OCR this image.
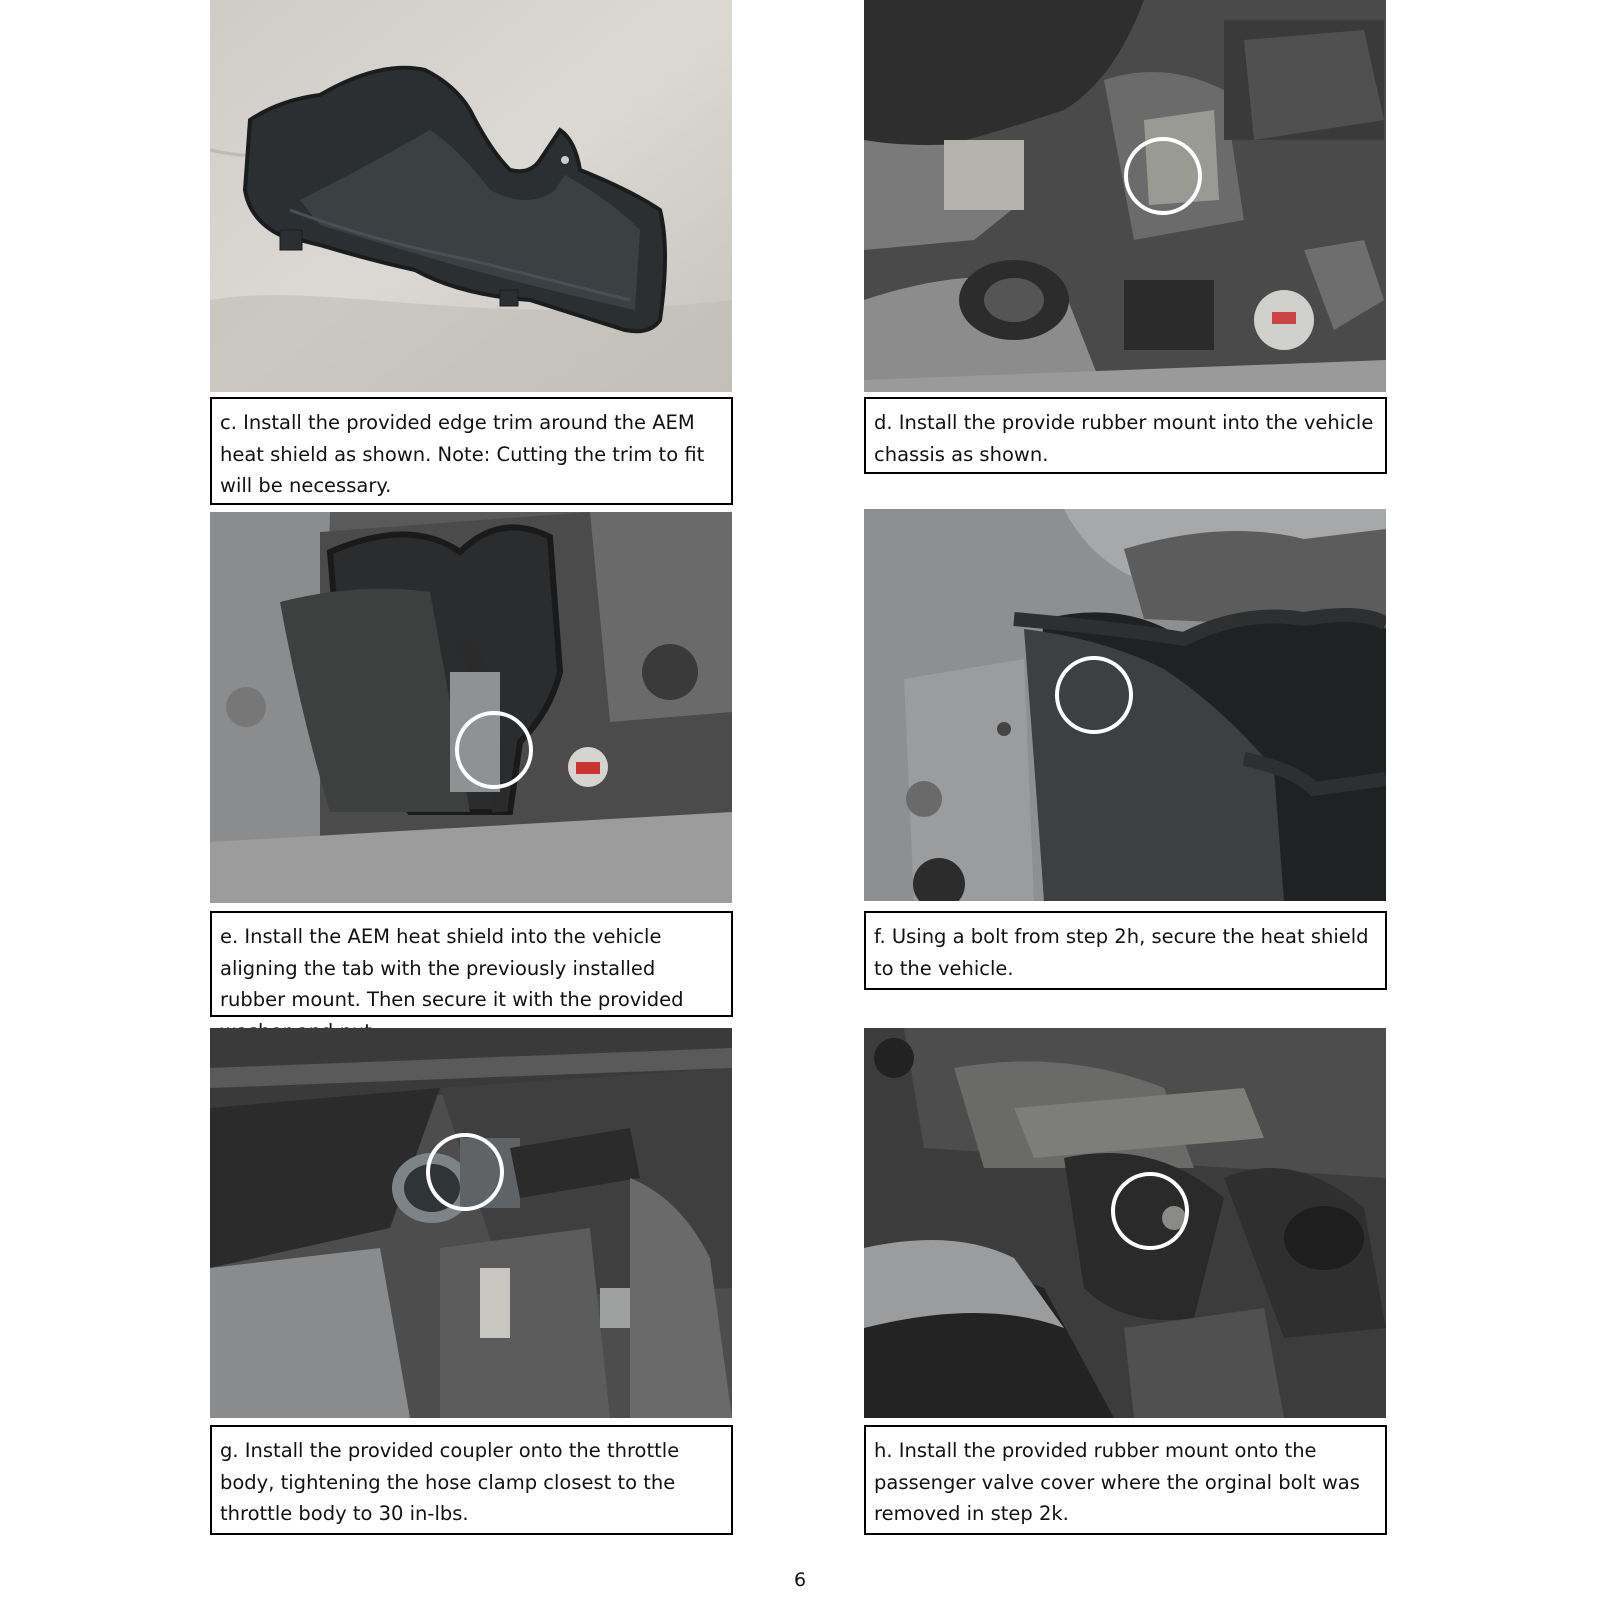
c. Install the provided edge trim around the AEM heat shield as shown. Note: Cutting the trim to fit will be necessary.
d. Install the provide rubber mount into the vehicle chassis as shown.
e. Install the AEM heat shield into the vehicle aligning the tab with the previously installed rubber mount. Then secure it with the provided
f. Using a bolt from step 2h, secure the heat shield to the vehicle.
g. Install the provided coupler onto the throttle body, tightening the hose clamp closest to the throttle body to 30 in-lbs.
h. Install the provided rubber mount onto the passenger valve cover where the orginal bolt was removed in step 2k.
6
